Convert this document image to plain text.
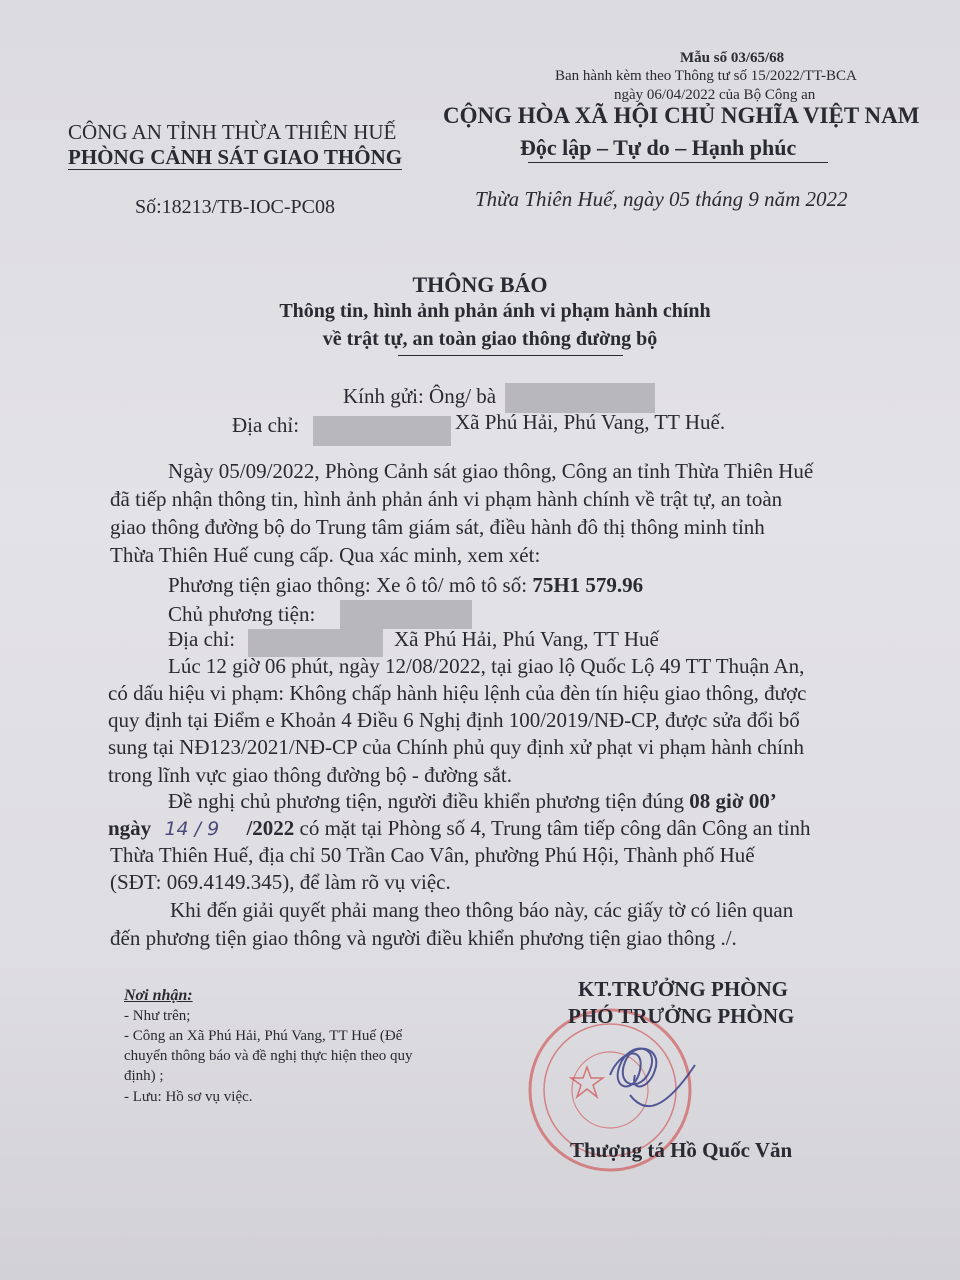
Mẫu số 03/65/68
Ban hành kèm theo Thông tư số 15/2022/TT-BCA
ngày 06/04/2022 của Bộ Công an
CÔNG AN TỈNH THỪA THIÊN HUẾ
PHÒNG CẢNH SÁT GIAO THÔNG
CỘNG HÒA XÃ HỘI CHỦ NGHĨA VIỆT NAM
Độc lập – Tự do – Hạnh phúc
Số:18213/TB-IOC-PC08	Thừa Thiên Huế, ngày 05 tháng 9 năm 2022
THÔNG BÁO
Thông tin, hình ảnh phản ánh vi phạm hành chính
về trật tự, an toàn giao thông đường bộ
Kính gửi: Ông/ bà
Địa chỉ:	Xã Phú Hải, Phú Vang, TT Huế.
Ngày 05/09/2022, Phòng Cảnh sát giao thông, Công an tỉnh Thừa Thiên Huế
đã tiếp nhận thông tin, hình ảnh phản ánh vi phạm hành chính về trật tự, an toàn
giao thông đường bộ do Trung tâm giám sát, điều hành đô thị thông minh tỉnh
Thừa Thiên Huế cung cấp. Qua xác minh, xem xét:
Phương tiện giao thông: Xe ô tô/ mô tô số: 75H1 579.96
Chủ phương tiện:
Địa chỉ:	Xã Phú Hải, Phú Vang, TT Huế
Lúc 12 giờ 06 phút, ngày 12/08/2022, tại giao lộ Quốc Lộ 49 TT Thuận An,
có dấu hiệu vi phạm: Không chấp hành hiệu lệnh của đèn tín hiệu giao thông, được
quy định tại Điểm e Khoản 4 Điều 6 Nghị định 100/2019/NĐ-CP, được sửa đổi bổ
sung tại NĐ123/2021/NĐ-CP của Chính phủ quy định xử phạt vi phạm hành chính
trong lĩnh vực giao thông đường bộ - đường sắt.
Đề nghị chủ phương tiện, người điều khiển phương tiện đúng 08 giờ 00’
ngày 14 / 9 /2022 có mặt tại Phòng số 4, Trung tâm tiếp công dân Công an tỉnh
Thừa Thiên Huế, địa chỉ 50 Trần Cao Vân, phường Phú Hội, Thành phố Huế
(SĐT: 069.4149.345), để làm rõ vụ việc.
Khi đến giải quyết phải mang theo thông báo này, các giấy tờ có liên quan
đến phương tiện giao thông và người điều khiển phương tiện giao thông ./.
Nơi nhận:
- Như trên;
- Công an Xã Phú Hải, Phú Vang, TT Huế (Để
chuyển thông báo và đề nghị thực hiện theo quy
định) ;
- Lưu: Hồ sơ vụ việc.
KT.TRƯỞNG PHÒNG
PHÓ TRƯỞNG PHÒNG
Thượng tá Hồ Quốc Văn
